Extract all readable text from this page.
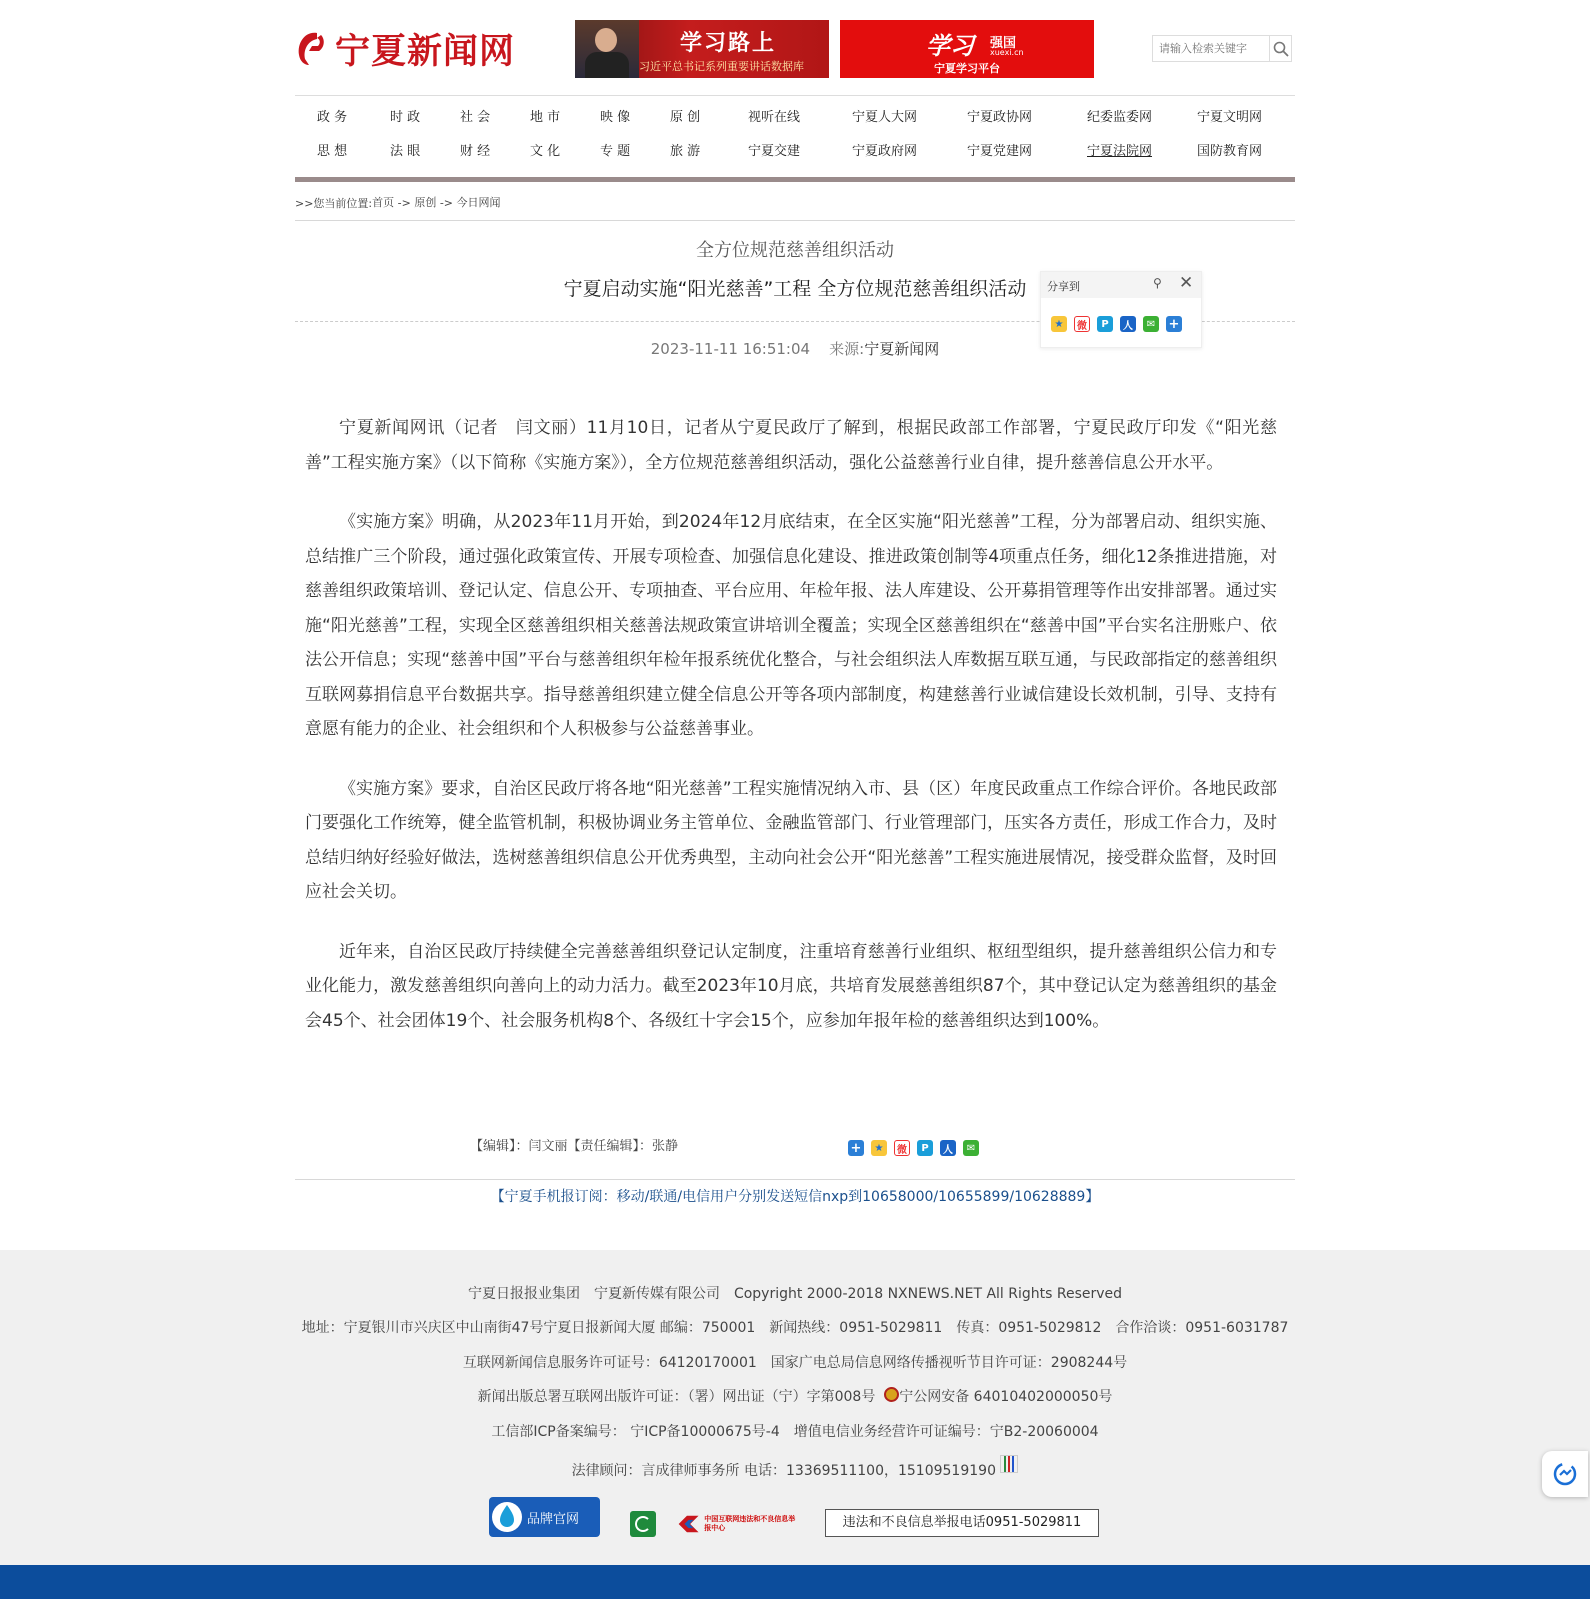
宁夏新闻网	学习路上
习近平总书记系列重要讲话数据库
学习 强国
xuexi.cn
宁夏学习平台
请输入检索关键字
政 务	时 政	社 会	地 市	映 像	原 创	视听在线	宁夏人大网	宁夏政协网	纪委监委网	宁夏文明网
思 想	法 眼	财 经	文 化	专 题	旅 游	宁夏交建	宁夏政府网	宁夏党建网	宁夏法院网	国防教育网
>>您当前位置:首页 -> 原创 -> 今日网闻
全方位规范慈善组织活动
宁夏启动实施“阳光慈善”工程 全方位规范慈善组织活动
2023-11-11 16:51:04 来源:宁夏新闻网
分享到	⚲ ✕
★	微	P	人	✉ +

宁夏新闻网讯（记者　闫文丽）11月10日，记者从宁夏民政厅了解到，根据民政部工作部署，宁夏民政厅印发《“阳光慈善”工程实施方案》（以下简称《实施方案》），全方位规范慈善组织活动，强化公益慈善行业自律，提升慈善信息公开水平。

《实施方案》明确，从2023年11月开始，到2024年12月底结束，在全区实施“阳光慈善”工程，分为部署启动、组织实施、总结推广三个阶段，通过强化政策宣传、开展专项检查、加强信息化建设、推进政策创制等4项重点任务，细化12条推进措施，对慈善组织政策培训、登记认定、信息公开、专项抽查、平台应用、年检年报、法人库建设、公开募捐管理等作出安排部署。通过实施“阳光慈善”工程，实现全区慈善组织相关慈善法规政策宣讲培训全覆盖；实现全区慈善组织在“慈善中国”平台实名注册账户、依法公开信息；实现“慈善中国”平台与慈善组织年检年报系统优化整合，与社会组织法人库数据互联互通，与民政部指定的慈善组织互联网募捐信息平台数据共享。指导慈善组织建立健全信息公开等各项内部制度，构建慈善行业诚信建设长效机制，引导、支持有意愿有能力的企业、社会组织和个人积极参与公益慈善事业。

《实施方案》要求，自治区民政厅将各地“阳光慈善”工程实施情况纳入市、县（区）年度民政重点工作综合评价。各地民政部门要强化工作统筹，健全监管机制，积极协调业务主管单位、金融监管部门、行业管理部门，压实各方责任，形成工作合力，及时总结归纳好经验好做法，选树慈善组织信息公开优秀典型，主动向社会公开“阳光慈善”工程实施进展情况，接受群众监督，及时回应社会关切。

近年来，自治区民政厅持续健全完善慈善组织登记认定制度，注重培育慈善行业组织、枢纽型组织，提升慈善组织公信力和专业化能力，激发慈善组织向善向上的动力活力。截至2023年10月底，共培育发展慈善组织87个，其中登记认定为慈善组织的基金会45个、社会团体19个、社会服务机构8个、各级红十字会15个，应参加年报年检的慈善组织达到100%。

【编辑】：闫文丽【责任编辑】：张静	+	★	微	P	人	✉
【宁夏手机报订阅：移动/联通/电信用户分别发送短信nxp到10658000/10655899/10628889】
宁夏日报报业集团　宁夏新传媒有限公司　Copyright 2000-2018 NXNEWS.NET All Rights Reserved
地址：宁夏银川市兴庆区中山南街47号宁夏日报新闻大厦 邮编：750001　新闻热线：0951-5029811　传真：0951-5029812　合作洽谈：0951-6031787
互联网新闻信息服务许可证号：64120170001　国家广电总局信息网络传播视听节目许可证：2908244号
新闻出版总署互联网出版许可证：（署）网出证（宁）字第008号 宁公网安备 64010402000050号
工信部ICP备案编号： 宁ICP备10000675号-4　增值电信业务经营许可证编号：宁B2-20060004
法律顾问：言成律师事务所 电话：13369511100，15109519190
品牌官网	中国互联网违法和不良信息举报中心	违法和不良信息举报电话0951-5029811
